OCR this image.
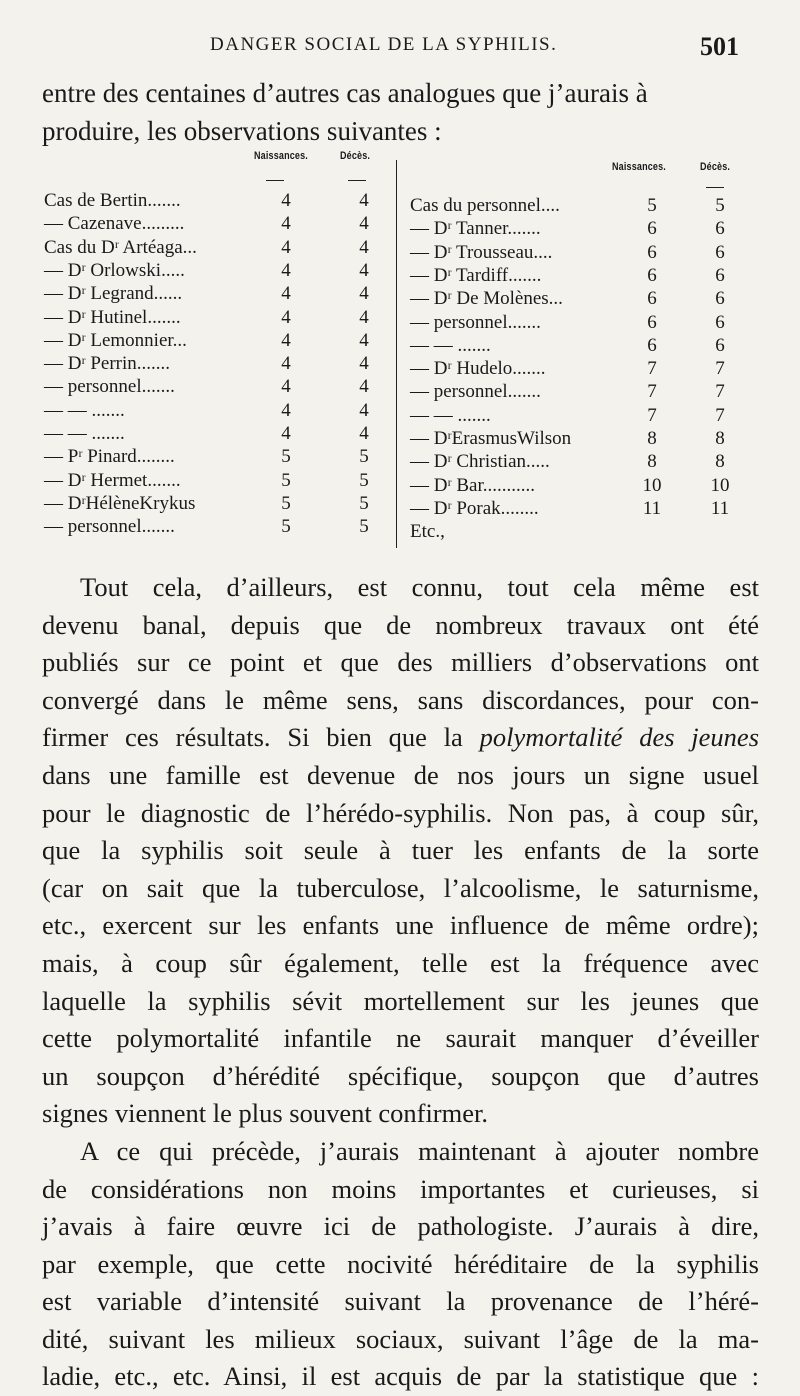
DANGER SOCIAL DE LA SYPHILIS.	501
entre des centaines d’autres cas analogues que j’aurais à
produire, les observations suivantes :
Naissances.	Décès.
Naissances.	Décès.
Cas de Bertin.......	4	4
— Cazenave.........	4	4
Cas du Dʳ Artéaga...	4	4
— Dʳ Orlowski.....	4	4
— Dʳ Legrand......	4	4
— Dʳ Hutinel.......	4	4
— Dʳ Lemonnier...	4	4
— Dʳ Perrin.......	4	4
— personnel.......	4	4
— — .......	4	4
— — .......	4	4
— Pʳ Pinard........	5	5
— Dʳ Hermet.......	5	5
— DʳHélèneKrykus	5	5
— personnel.......	5	5
Cas du personnel....	5	5
— Dʳ Tanner.......	6	6
— Dʳ Trousseau....	6	6
— Dʳ Tardiff.......	6	6
— Dʳ De Molènes...	6	6
— personnel.......	6	6
— — .......	6	6
— Dʳ Hudelo.......	7	7
— personnel.......	7	7
— — .......	7	7
— DʳErasmusWilson	8	8
— Dʳ Christian.....	8	8
— Dʳ Bar...........	10	10
— Dʳ Porak........	11	11
Etc.,
Tout cela, d’ailleurs, est connu, tout cela même est
devenu banal, depuis que de nombreux travaux ont été
publiés sur ce point et que des milliers d’observations ont
convergé dans le même sens, sans discordances, pour con-
firmer ces résultats. Si bien que la polymortalité des jeunes
dans une famille est devenue de nos jours un signe usuel
pour le diagnostic de l’hérédo-syphilis. Non pas, à coup sûr,
que la syphilis soit seule à tuer les enfants de la sorte
(car on sait que la tuberculose, l’alcoolisme, le saturnisme,
etc., exercent sur les enfants une influence de même ordre);
mais, à coup sûr également, telle est la fréquence avec
laquelle la syphilis sévit mortellement sur les jeunes que
cette polymortalité infantile ne saurait manquer d’éveiller
un soupçon d’hérédité spécifique, soupçon que d’autres
signes viennent le plus souvent confirmer.
A ce qui précède, j’aurais maintenant à ajouter nombre
de considérations non moins importantes et curieuses, si
j’avais à faire œuvre ici de pathologiste. J’aurais à dire,
par exemple, que cette nocivité héréditaire de la syphilis
est variable d’intensité suivant la provenance de l’héré-
dité, suivant les milieux sociaux, suivant l’âge de la ma-
ladie, etc., etc. Ainsi, il est acquis de par la statistique que :
